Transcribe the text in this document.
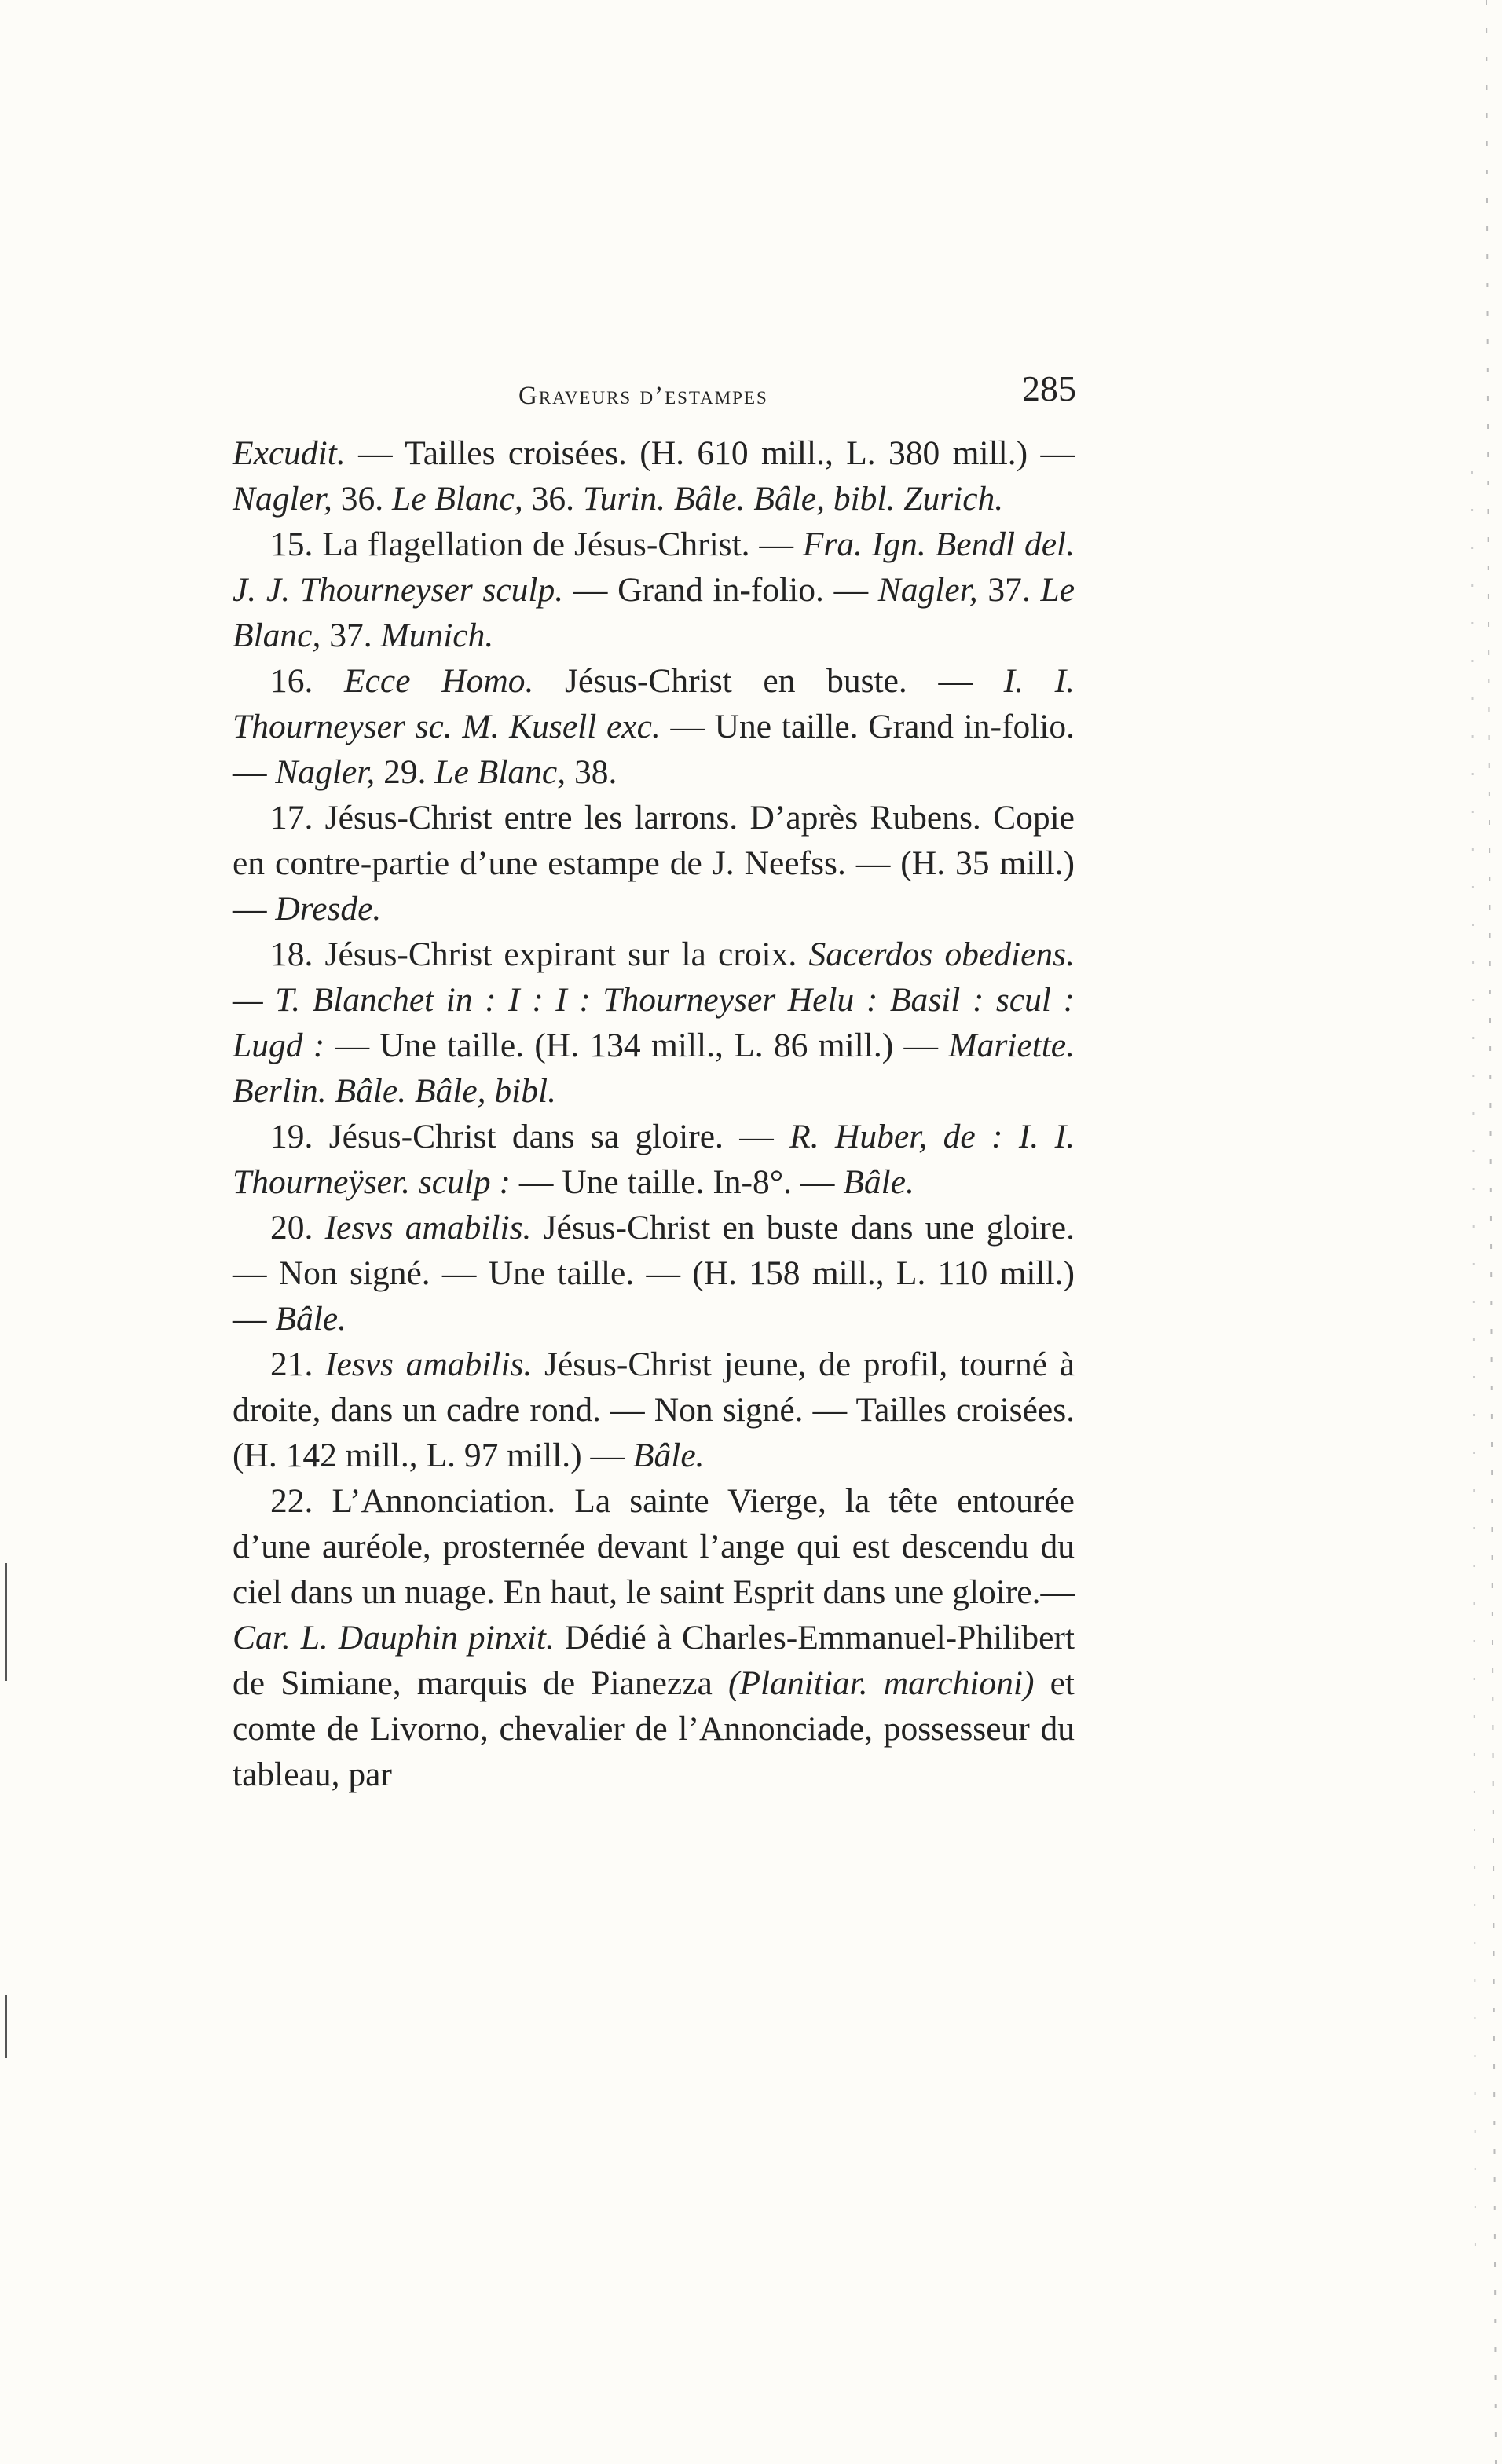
Graveurs d’estampes	285

Excudit. — Tailles croisées. (H. 610 mill., L. 380 mill.) — Nagler, 36. Le Blanc, 36. Turin. Bâle. Bâle, bibl. Zurich.

15. La flagellation de Jésus-Christ. — Fra. Ign. Bendl del. J. J. Thourneyser sculp. — Grand in-folio. — Nagler, 37. Le Blanc, 37. Munich.

16. Ecce Homo. Jésus-Christ en buste. — I. I. Thourneyser sc. M. Kusell exc. — Une taille. Grand in-folio. — Nagler, 29. Le Blanc, 38.

17. Jésus-Christ entre les larrons. D’après Rubens. Copie en contre-partie d’une estampe de J. Neefss. — (H. 35 mill.) — Dresde.

18. Jésus-Christ expirant sur la croix. Sacerdos obediens. — T. Blanchet in : I : I : Thourneyser Helu : Basil : scul : Lugd : — Une taille. (H. 134 mill., L. 86 mill.) — Mariette. Berlin. Bâle. Bâle, bibl.

19. Jésus-Christ dans sa gloire. — R. Huber, de : I. I. Thourneÿser. sculp : — Une taille. In-8°. — Bâle.

20. Iesvs amabilis. Jésus-Christ en buste dans une gloire. — Non signé. — Une taille. — (H. 158 mill., L. 110 mill.) — Bâle.

21. Iesvs amabilis. Jésus-Christ jeune, de profil, tourné à droite, dans un cadre rond. — Non signé. — Tailles croisées. (H. 142 mill., L. 97 mill.) — Bâle.

22. L’Annonciation. La sainte Vierge, la tête entourée d’une auréole, prosternée devant l’ange qui est descendu du ciel dans un nuage. En haut, le saint Esprit dans une gloire.— Car. L. Dauphin pinxit. Dédié à Charles-Emmanuel-Philibert de Simiane, marquis de Pianezza (Planitiar. marchioni) et comte de Livorno, chevalier de l’Annonciade, possesseur du tableau, par
